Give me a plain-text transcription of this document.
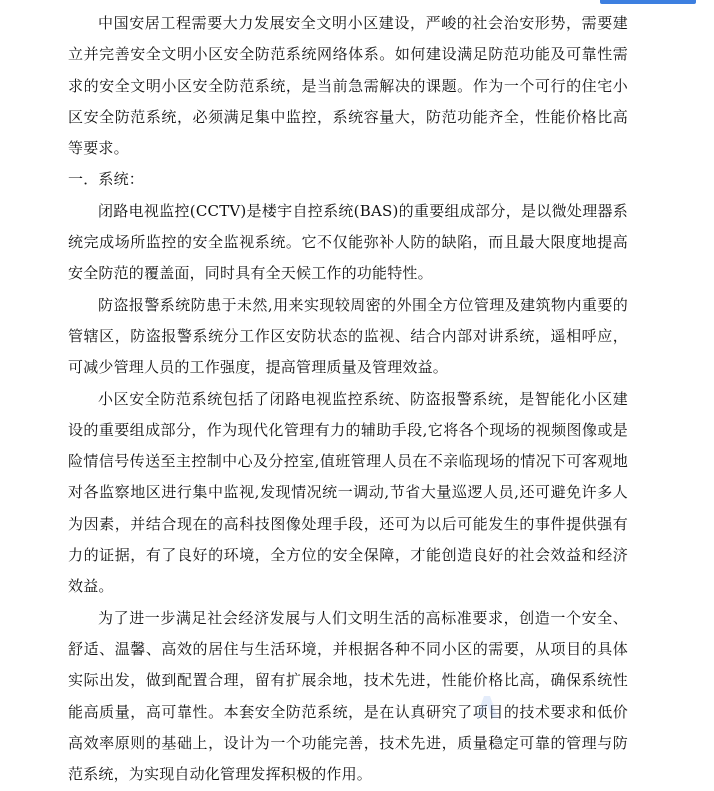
中国安居工程需要大力发展安全文明小区建设，严峻的社会治安形势，需要建立并完善安全文明小区安全防范系统网络体系。如何建设满足防范功能及可靠性需求的安全文明小区安全防范系统，是当前急需解决的课题。作为一个可行的住宅小区安全防范系统，必须满足集中监控，系统容量大，防范功能齐全，性能价格比高等要求。

一．系统：

闭路电视监控(CCTV)是楼宇自控系统(BAS)的重要组成部分，是以微处理器系统完成场所监控的安全监视系统。它不仅能弥补人防的缺陷，而且最大限度地提高安全防范的覆盖面，同时具有全天候工作的功能特性。

防盗报警系统防患于未然,用来实现较周密的外围全方位管理及建筑物内重要的管辖区，防盗报警系统分工作区安防状态的监视、结合内部对讲系统，遥相呼应，可减少管理人员的工作强度，提高管理质量及管理效益。

小区安全防范系统包括了闭路电视监控系统、防盗报警系统，是智能化小区建设的重要组成部分，作为现代化管理有力的辅助手段,它将各个现场的视频图像或是险情信号传送至主控制中心及分控室,值班管理人员在不亲临现场的情况下可客观地对各监察地区进行集中监视,发现情况统一调动,节省大量巡逻人员,还可避免许多人为因素，并结合现在的高科技图像处理手段，还可为以后可能发生的事件提供强有力的证据，有了良好的环境，全方位的安全保障，才能创造良好的社会效益和经济效益。

为了进一步满足社会经济发展与人们文明生活的高标准要求，创造一个安全、舒适、温馨、高效的居住与生活环境，并根据各种不同小区的需要，从项目的具体实际出发，做到配置合理，留有扩展余地，技术先进，性能价格比高，确保系统性能高质量，高可靠性。本套安全防范系统，是在认真研究了项目的技术要求和低价高效率原则的基础上，设计为一个功能完善，技术先进，质量稳定可靠的管理与防范系统，为实现自动化管理发挥积极的作用。
